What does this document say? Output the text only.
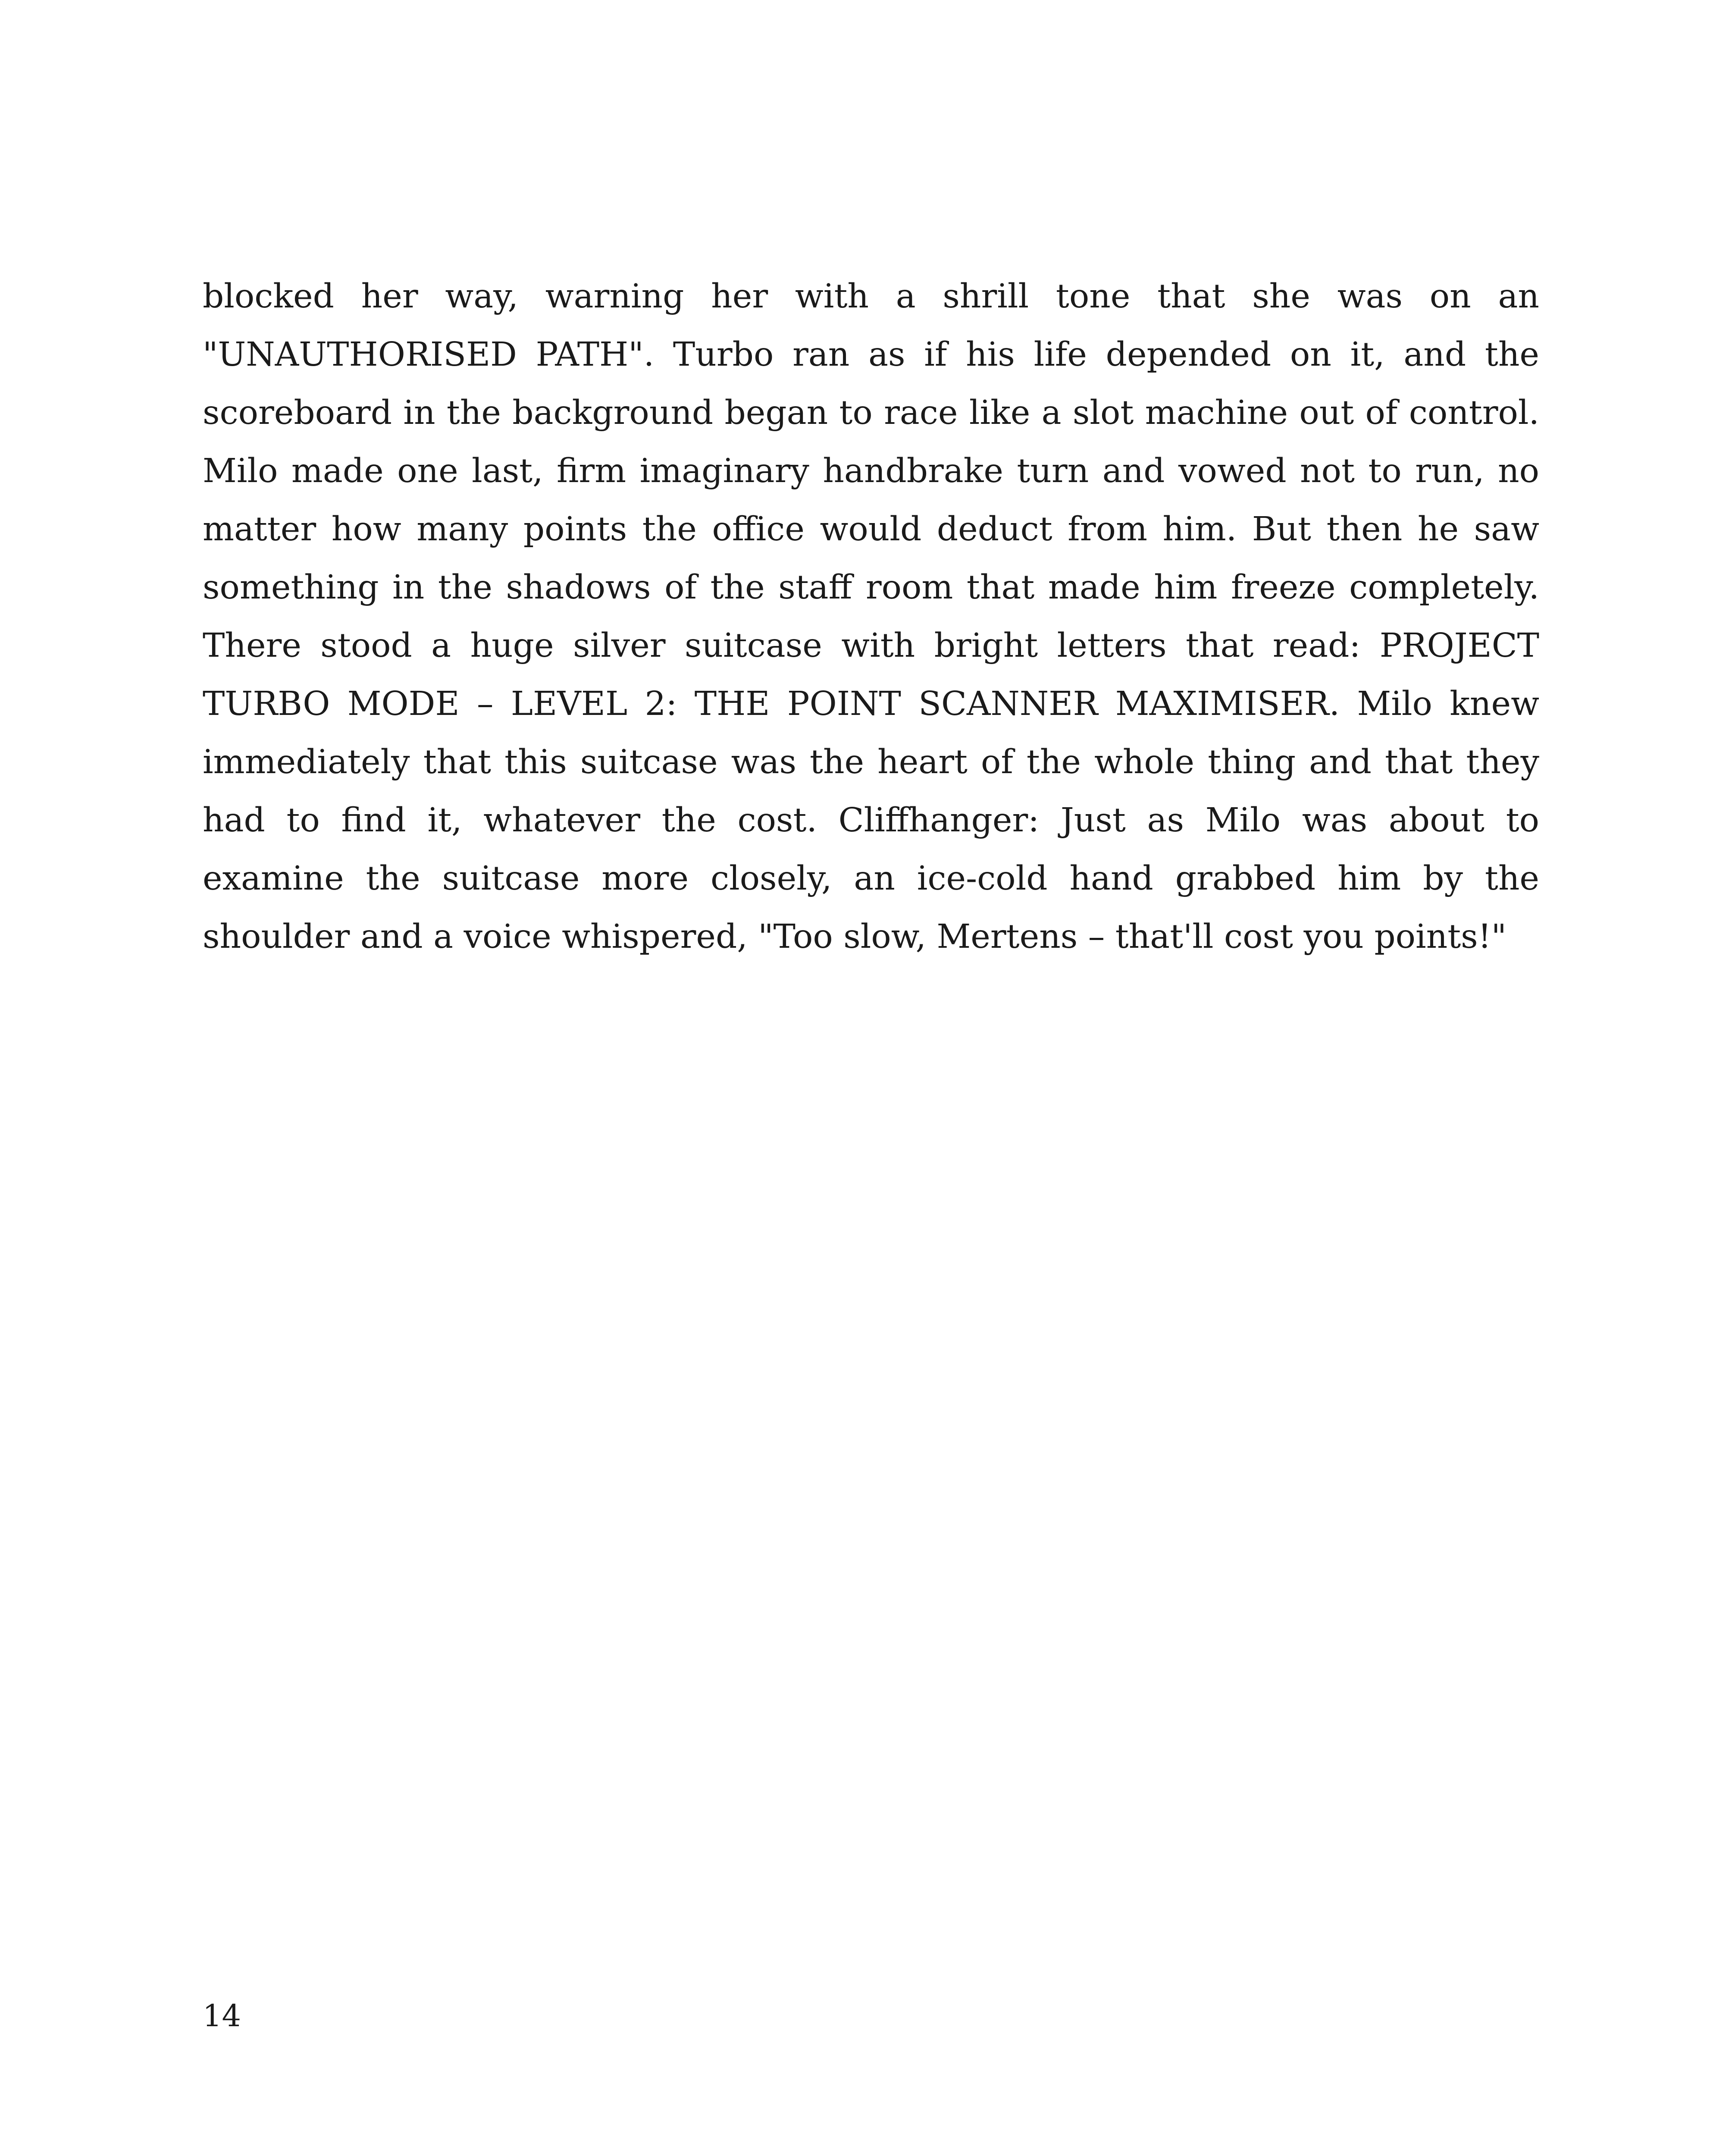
blocked her way, warning her with a shrill tone that she was on an "UNAUTHORISED PATH". Turbo ran as if his life depended on it, and the scoreboard in the background began to race like a slot machine out of control. Milo made one last, firm imaginary handbrake turn and vowed not to run, no matter how many points the office would deduct from him. But then he saw something in the shadows of the staff room that made him freeze completely. There stood a huge silver suitcase with bright letters that read: PROJECT TURBO MODE – LEVEL 2: THE POINT SCANNER MAXIMISER. Milo knew immediately that this suitcase was the heart of the whole thing and that they had to find it, whatever the cost. Cliffhanger: Just as Milo was about to examine the suitcase more closely, an ice-cold hand grabbed him by the shoulder and a voice whispered, "Too slow, Mertens – that'll cost you points!"

14
